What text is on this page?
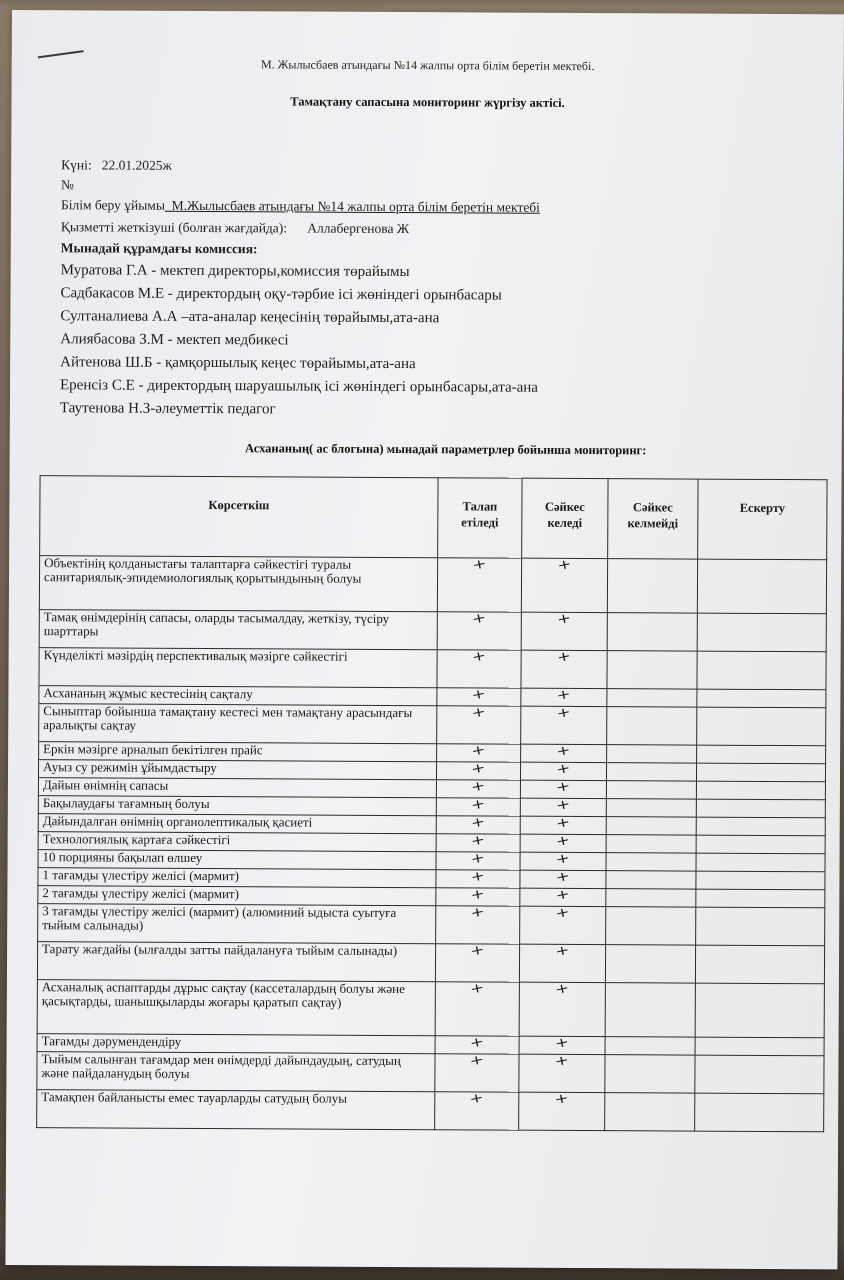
М. Жылысбаев атындағы №14 жалпы орта білім беретін мектебі.
Тамақтану сапасына мониторинг жүргізу актісі.
Күні: 22.01.2025ж
№
Білім беру ұйымы_М.Жылысбаев атындағы №14 жалпы орта білім беретін мектебі
Қызметті жеткізуші (болған жағдайда): Аллабергенова Ж
Мынадай құрамдағы комиссия:
Муратова Г.А - мектеп директоры,комиссия төрайымы
Садбакасов М.Е - директордың оқу-тәрбие ісі жөніндегі орынбасары
Султаналиева А.А –ата-аналар кеңесінің төрайымы,ата-ана
Алиябасова З.М - мектеп медбикесі
Айтенова Ш.Б - қамқоршылық кеңес төрайымы,ата-ана
Еренсіз С.Е - директордың шаруашылық ісі жөніндегі орынбасары,ата-ана
Таутенова Н.З-әлеуметтік педагог
Асхананың( ас блогына) мынадай параметрлер бойынша мониторинг:
Көрсеткіш	Талап етіледі	Сәйкес келеді	Сәйкес келмейді	Ескерту
Объектінің қолданыстағы талаптарға сәйкестігі туралы санитариялық-эпидемиологиялық қорытындының болуы	+	+		
Тамақ өнімдерінің сапасы, оларды тасымалдау, жеткізу, түсіру шарттары	+	+		
Күнделікті мәзірдің перспективалық мәзірге сәйкестігі	+	+		
Асхананың жұмыс кестесінің сақталу	+	+		
Сыныптар бойынша тамақтану кестесі мен тамақтану арасындағы аралықты сақтау	+	+		
Еркін мәзірге арналып бекітілген прайс	+	+		
Ауыз су режимін ұйымдастыру	+	+		
Дайын өнімнің сапасы	+	+		
Бақылаудағы тағамның болуы	+	+		
Дайындалған өнімнің органолептикалық қасиеті	+	+		
Технологиялық картаға сәйкестігі	+	+		
10 порцияны бақылап өлшеу	+	+		
1 тағамды үлестіру желісі (мармит)	+	+		
2 тағамды үлестіру желісі (мармит)	+	+		
3 тағамды үлестіру желісі (мармит) (алюминий ыдыста суытуға тыйым салынады)	+	+		
Тарату жағдайы (ылғалды затты пайдалануға тыйым салынады)	+	+		
Асханалық аспаптарды дұрыс сақтау (кассеталардың болуы және қасықтарды, шанышқыларды жоғары қаратып сақтау)	+	+		
Тағамды дәрумендендіру	+	+		
Тыйым салынған тағамдар мен өнімдерді дайындаудың, сатудың және пайдаланудың болуы	+	+		
Тамақпен байланысты емес тауарларды сатудың болуы	+	+		
